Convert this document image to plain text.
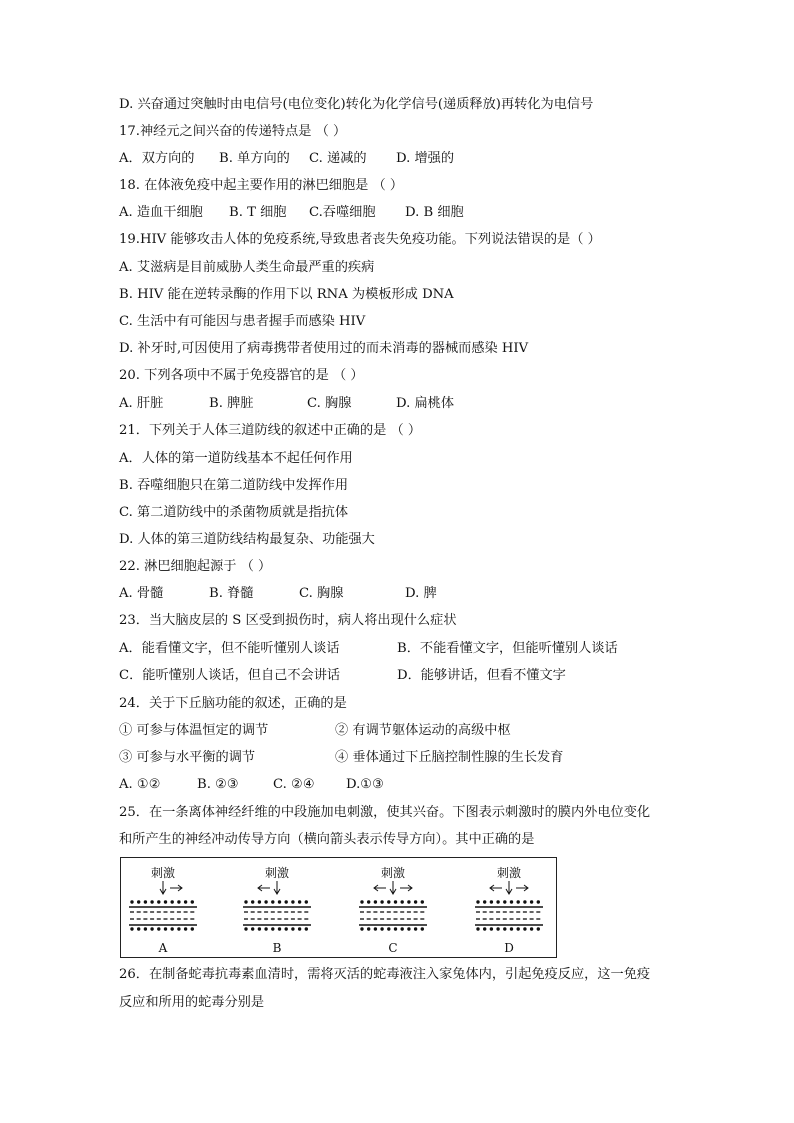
D. 兴奋通过突触时由电信号(电位变化)转化为化学信号(递质释放)再转化为电信号
17.神经元之间兴奋的传递特点是 （ ）
A．双方向的 B. 单方向的 C. 递减的 D. 增强的
18. 在体液免疫中起主要作用的淋巴细胞是 （ ）
A. 造血干细胞 B. T 细胞 C.吞噬细胞 D. B 细胞
19.HIV 能够攻击人体的免疫系统,导致患者丧失免疫功能。下列说法错误的是（ ）
A. 艾滋病是目前威胁人类生命最严重的疾病
B. HIV 能在逆转录酶的作用下以 RNA 为模板形成 DNA
C. 生活中有可能因与患者握手而感染 HIV
D. 补牙时,可因使用了病毒携带者使用过的而未消毒的器械而感染 HIV
20. 下列各项中不属于免疫器官的是 （ ）
A. 肝脏	B. 脾脏	C. 胸腺	D. 扁桃体
21．下列关于人体三道防线的叙述中正确的是 （ ）
A．人体的第一道防线基本不起任何作用
B. 吞噬细胞只在第二道防线中发挥作用
C. 第二道防线中的杀菌物质就是指抗体
D. 人体的第三道防线结构最复杂、功能强大
22. 淋巴细胞起源于 （ ）
A. 骨髓	B. 脊髓	C. 胸腺	D. 脾
23．当大脑皮层的 S 区受到损伤时，病人将出现什么症状
A．能看懂文字，但不能听懂别人谈话	B．不能看懂文字，但能听懂别人谈话
C．能听懂别人谈话，但自己不会讲话	D．能够讲话，但看不懂文字
24．关于下丘脑功能的叙述，正确的是
① 可参与体温恒定的调节	② 有调节躯体运动的高级中枢
③ 可参与水平衡的调节	④ 垂体通过下丘脑控制性腺的生长发育
A. ①②	B. ②③	C. ②④ D.①③
25．在一条离体神经纤维的中段施加电刺激，使其兴奋。下图表示刺激时的膜内外电位变化
和所产生的神经冲动传导方向（横向箭头表示传导方向）。其中正确的是
26．在制备蛇毒抗毒素血清时，需将灭活的蛇毒液注入家兔体内，引起免疫反应，这一免疫
反应和所用的蛇毒分别是
刺激
A
刺激
B
刺激
C
刺激
D
